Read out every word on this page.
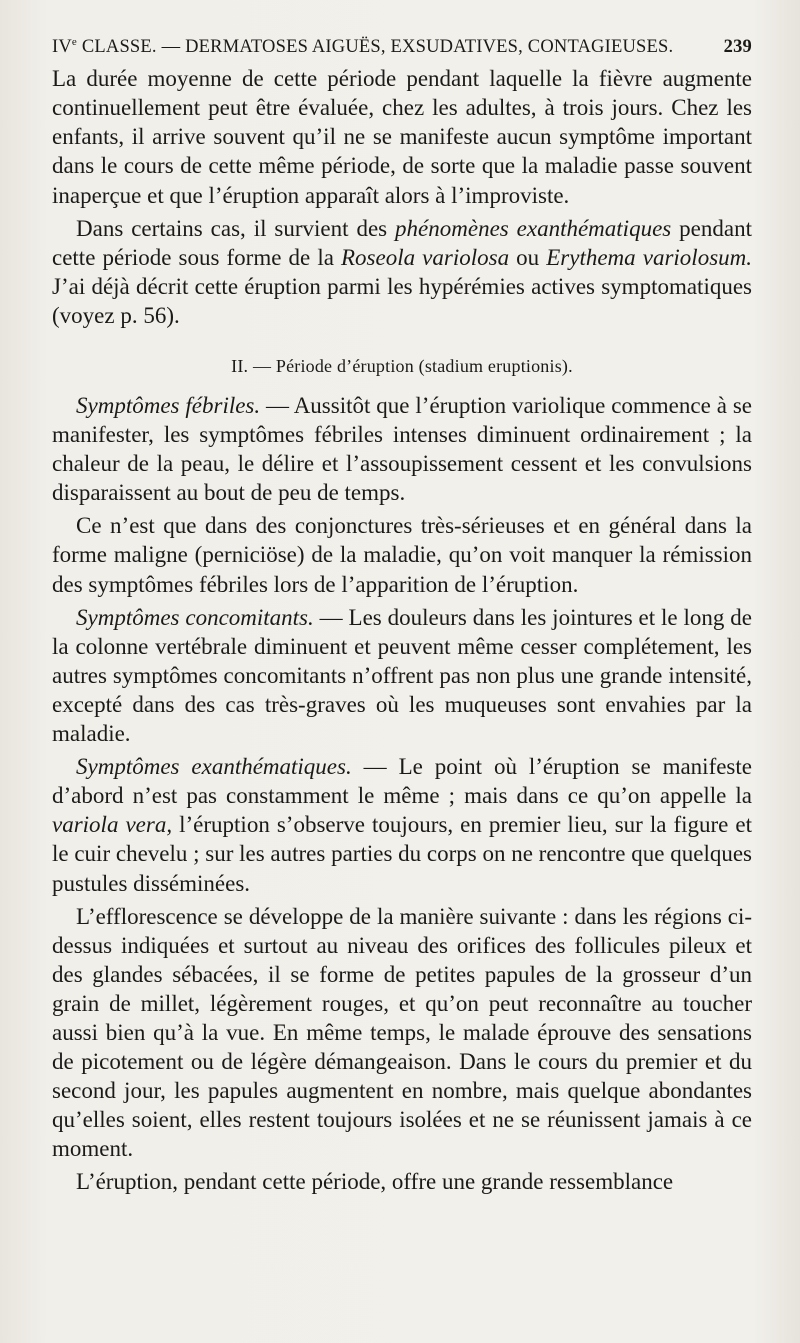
IVe CLASSE. — DERMATOSES AIGUËS, EXSUDATIVES, CONTAGIEUSES.	239

La durée moyenne de cette période pendant laquelle la fièvre augmente continuellement peut être évaluée, chez les adultes, à trois jours. Chez les enfants, il arrive souvent qu’il ne se manifeste aucun symptôme important dans le cours de cette même période, de sorte que la maladie passe souvent inaperçue et que l’éruption apparaît alors à l’improviste.

Dans certains cas, il survient des phénomènes exanthématiques pendant cette période sous forme de la Roseola variolosa ou Erythema variolosum. J’ai déjà décrit cette éruption parmi les hypérémies actives symptomatiques (voyez p. 56).

II. — Période d’éruption (stadium eruptionis).

Symptômes fébriles. — Aussitôt que l’éruption variolique commence à se manifester, les symptômes fébriles intenses diminuent ordinairement ; la chaleur de la peau, le délire et l’assoupissement cessent et les convulsions disparaissent au bout de peu de temps.

Ce n’est que dans des conjonctures très-sérieuses et en général dans la forme maligne (perniciöse) de la maladie, qu’on voit manquer la rémission des symptômes fébriles lors de l’apparition de l’éruption.

Symptômes concomitants. — Les douleurs dans les jointures et le long de la colonne vertébrale diminuent et peuvent même cesser complétement, les autres symptômes concomitants n’offrent pas non plus une grande intensité, excepté dans des cas très-graves où les muqueuses sont envahies par la maladie.

Symptômes exanthématiques. — Le point où l’éruption se manifeste d’abord n’est pas constamment le même ; mais dans ce qu’on appelle la variola vera, l’éruption s’observe toujours, en premier lieu, sur la figure et le cuir chevelu ; sur les autres parties du corps on ne rencontre que quelques pustules disséminées.

L’efflorescence se développe de la manière suivante : dans les régions ci-dessus indiquées et surtout au niveau des orifices des follicules pileux et des glandes sébacées, il se forme de petites papules de la grosseur d’un grain de millet, légèrement rouges, et qu’on peut reconnaître au toucher aussi bien qu’à la vue. En même temps, le malade éprouve des sensations de picotement ou de légère démangeaison. Dans le cours du premier et du second jour, les papules augmentent en nombre, mais quelque abondantes qu’elles soient, elles restent toujours isolées et ne se réunissent jamais à ce moment.

L’éruption, pendant cette période, offre une grande ressemblance
